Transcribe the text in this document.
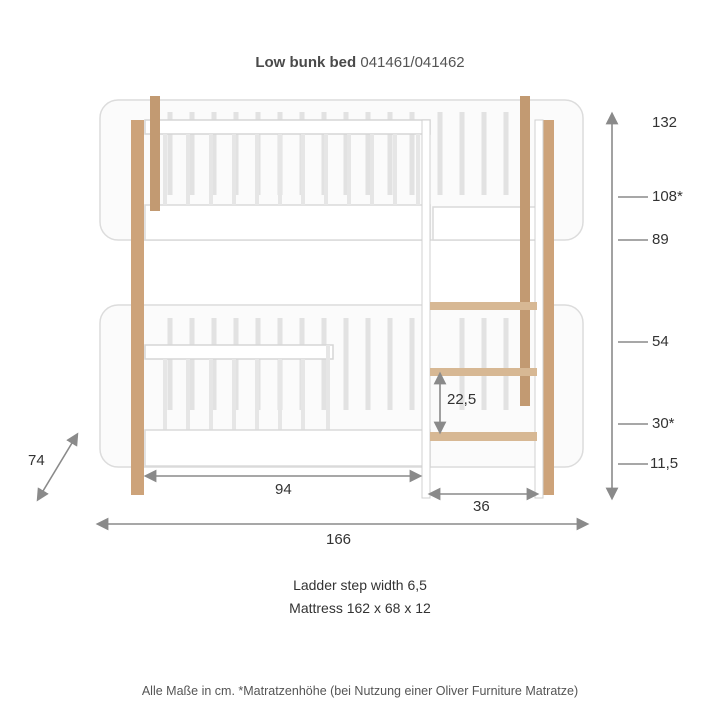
Low bunk bed 041461/041462
132
108*
89
54
30*
11,5
74
94
36
166
22,5
Ladder step width 6,5
Mattress 162 x 68 x 12
Alle Maße in cm. *Matratzenhöhe (bei Nutzung einer Oliver Furniture Matratze)
